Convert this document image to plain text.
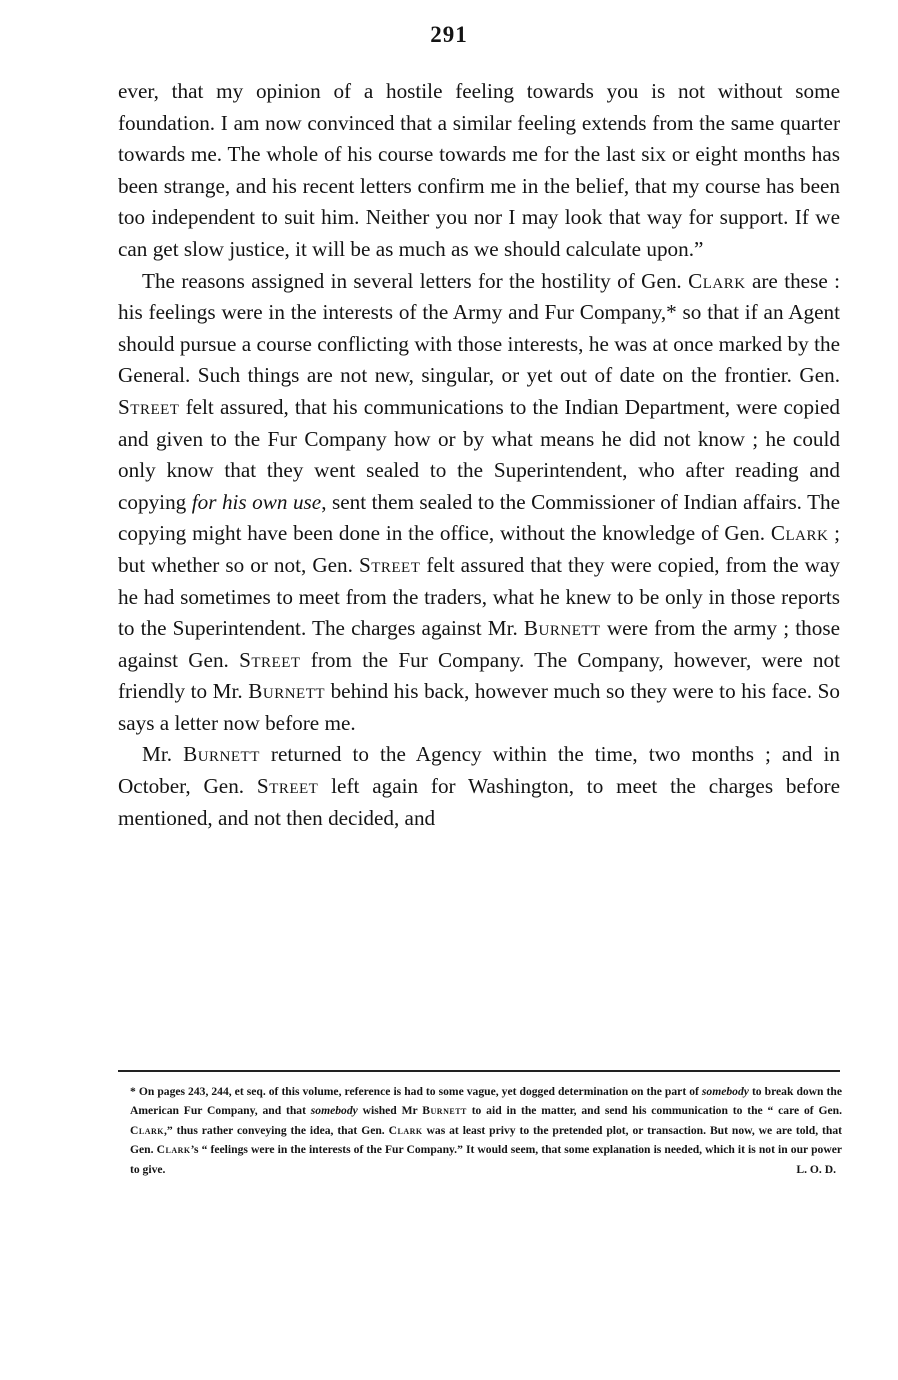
291

ever, that my opinion of a hostile feeling towards you is not without some foundation. I am now convinced that a similar feeling extends from the same quarter towards me. The whole of his course towards me for the last six or eight months has been strange, and his recent letters confirm me in the belief, that my course has been too independent to suit him. Neither you nor I may look that way for support. If we can get slow justice, it will be as much as we should calculate upon.”

The reasons assigned in several letters for the hostility of Gen. Clark are these : his feelings were in the interests of the Army and Fur Company,* so that if an Agent should pursue a course conflicting with those interests, he was at once marked by the General. Such things are not new, singular, or yet out of date on the frontier. Gen. Street felt assured, that his communications to the Indian Department, were copied and given to the Fur Company how or by what means he did not know ; he could only know that they went sealed to the Superintendent, who after reading and copying for his own use, sent them sealed to the Commissioner of Indian affairs. The copying might have been done in the office, without the knowledge of Gen. Clark ; but whether so or not, Gen. Street felt assured that they were copied, from the way he had sometimes to meet from the traders, what he knew to be only in those reports to the Superintendent. The charges against Mr. Burnett were from the army ; those against Gen. Street from the Fur Company. The Company, however, were not friendly to Mr. Burnett behind his back, however much so they were to his face. So says a letter now before me.

Mr. Burnett returned to the Agency within the time, two months ; and in October, Gen. Street left again for Washington, to meet the charges before mentioned, and not then decided, and

* On pages 243, 244, et seq. of this volume, reference is had to some vague, yet dogged determination on the part of somebody to break down the American Fur Company, and that somebody wished Mr Burnett to aid in the matter, and send his communication to the “ care of Gen. Clark,” thus rather conveying the idea, that Gen. Clark was at least privy to the pretended plot, or transaction. But now, we are told, that Gen. Clark’s “ feelings were in the interests of the Fur Company.” It would seem, that some explanation is needed, which it is not in our power to give.	L. O. D.
